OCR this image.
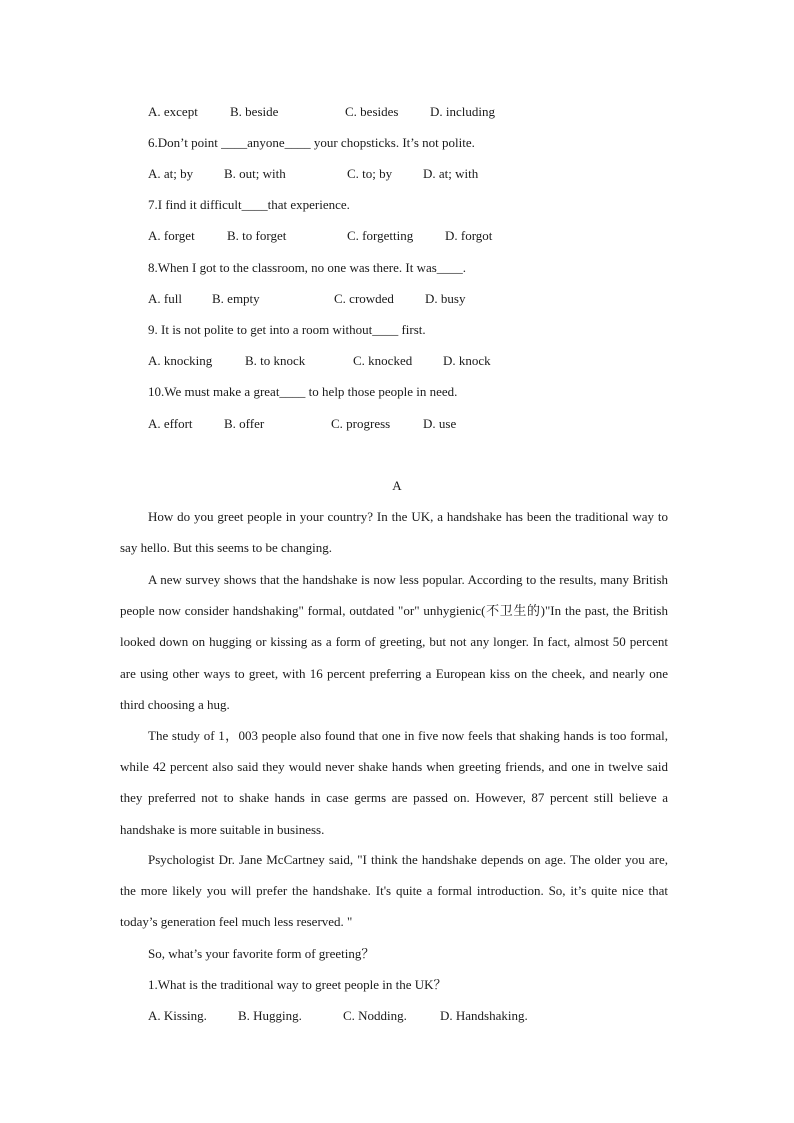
A. except B. beside	C. besides D. including
6.Don’t point ____anyone____ your chopsticks. It’s not polite.
A. at; by B. out; with	C. to; by D. at; with
7.I find it difficult____that experience.
A. forget B. to forget	C. forgetting D. forgot
8.When I got to the classroom, no one was there. It was____.
A. full B. empty	C. crowded D. busy
9. It is not polite to get into a room without____ first.
A. knocking	B. to knock	C. knocked D. knock
10.We must make a great____ to help those people in need.
A. effort B. offer	C. progress	D. use
A
How do you greet people in your country? In the UK, a handshake has been the traditional way to say hello. But this seems to be changing.
A new survey shows that the handshake is now less popular. According to the results, many British people now consider handshaking" formal, outdated "or" unhygienic(不卫生的)"In the past, the British looked down on hugging or kissing as a form of greeting, but not any longer. In fact, almost 50 percent are using other ways to greet, with 16 percent preferring a European kiss on the cheek, and nearly one third choosing a hug.
The study of 1，003 people also found that one in five now feels that shaking hands is too formal, while 42 percent also said they would never shake hands when greeting friends, and one in twelve said they preferred not to shake hands in case germs are passed on. However, 87 percent still believe a handshake is more suitable in business.
Psychologist Dr. Jane McCartney said, "I think the handshake depends on age. The older you are, the more likely you will prefer the handshake. It's quite a formal introduction. So, it’s quite nice that today’s generation feel much less reserved. "
So, what’s your favorite form of greeting？
1.What is the traditional way to greet people in the UK？
A. Kissing. B. Hugging.	C. Nodding.	D. Handshaking.
